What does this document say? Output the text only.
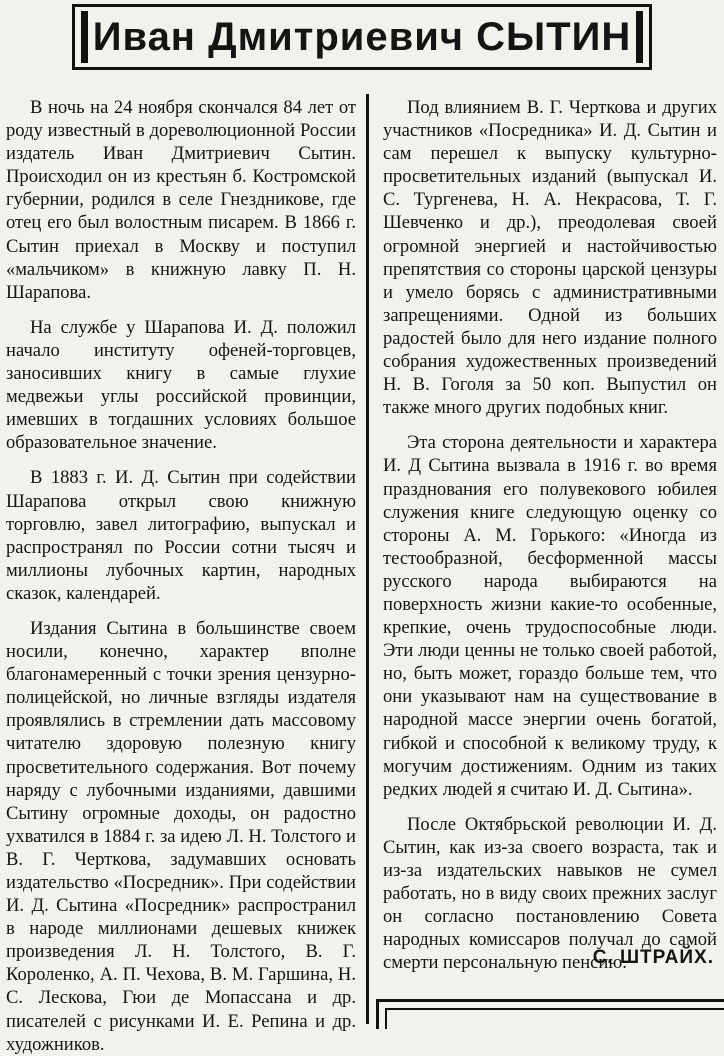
Иван Дмитриевич СЫТИН

В ночь на 24 ноября скончался 84 лет от роду известный в дореволюционной России издатель Иван Дмитриевич Сытин. Происходил он из крестьян б. Костромской губернии, родился в селе Гнездникове, где отец его был волостным писарем. В 1866 г. Сытин приехал в Москву и поступил «мальчиком» в книжную лавку П. Н. Шарапова.

На службе у Шарапова И. Д. положил начало институту офеней-торговцев, заносивших книгу в самые глухие медвежьи углы российской провинции, имевших в тогдашних условиях большое образовательное значение.

В 1883 г. И. Д. Сытин при содействии Шарапова открыл свою книжную торговлю, завел литографию, выпускал и распространял по России сотни тысяч и миллионы лубочных картин, народных сказок, календарей.

Издания Сытина в большинстве своем носили, конечно, характер вполне благонамеренный с точки зрения цензурно-полицейской, но личные взгляды издателя проявлялись в стремлении дать массовому читателю здоровую полезную книгу просветительного содержания. Вот почему наряду с лубочными изданиями, давшими Сытину огромные доходы, он радостно ухватился в 1884 г. за идею Л. Н. Толстого и В. Г. Черткова, задумавших основать издательство «Посредник». При содействии И. Д. Сытина «Посредник» распространил в народе миллионами дешевых книжек произведения Л. Н. Толстого, В. Г. Короленко, А. П. Чехова, В. М. Гаршина, Н. С. Лескова, Гюи де Мопассана и др. писателей с рисунками И. Е. Репина и др. художников.

Под влиянием В. Г. Черткова и других участников «Посредника» И. Д. Сытин и сам перешел к выпуску культурно-просветительных изданий (выпускал И. С. Тургенева, Н. А. Некрасова, Т. Г. Шевченко и др.), преодолевая своей огромной энергией и настойчивостью препятствия со стороны царской цензуры и умело борясь с административными запрещениями. Одной из больших радостей было для него издание полного собрания художественных произведений Н. В. Гоголя за 50 коп. Выпустил он также много других подобных книг.

Эта сторона деятельности и характера И. Д Сытина вызвала в 1916 г. во время празднования его полувекового юбилея служения книге следующую оценку со стороны А. М. Горького: «Иногда из тестообразной, бесформенной массы русского народа выбираются на поверхность жизни какие-то особенные, крепкие, очень трудоспособные люди. Эти люди ценны не только своей работой, но, быть может, гораздо больше тем, что они указывают нам на существование в народной массе энергии очень богатой, гибкой и способной к великому труду, к могучим достижениям. Одним из таких редких людей я считаю И. Д. Сытина».

После Октябрьской революции И. Д. Сытин, как из-за своего возраста, так и из-за издательских навыков не сумел работать, но в виду своих прежних заслуг он согласно постановлению Совета народных комиссаров получал до самой смерти персональную пенсию.

С. ШТРАЙХ.
